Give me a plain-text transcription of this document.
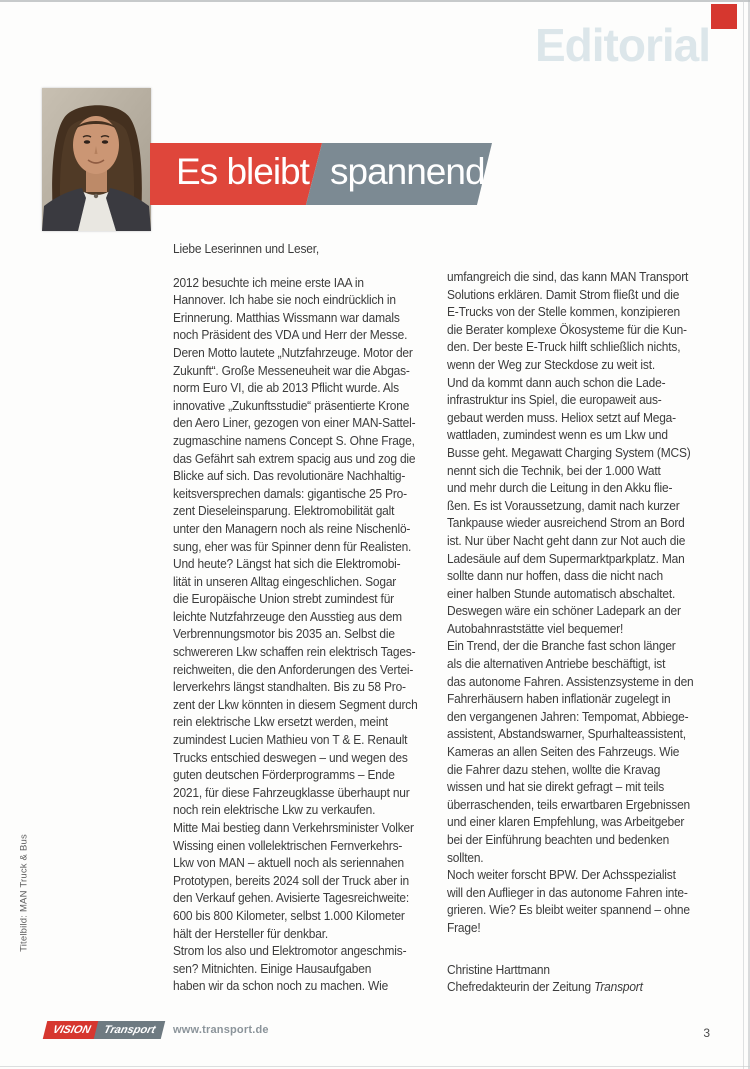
Editorial
Es bleibt spannend
Liebe Leserinnen und Leser,
2012 besuchte ich meine erste IAA in
Hannover. Ich habe sie noch eindrücklich in
Erinnerung. Matthias Wissmann war damals
noch Präsident des VDA und Herr der Messe.
Deren Motto lautete „Nutzfahrzeuge. Motor der
Zukunft“. Große Messeneuheit war die Abgas-
norm Euro VI, die ab 2013 Pflicht wurde. Als
innovative „Zukunftsstudie“ präsentierte Krone
den Aero Liner, gezogen von einer MAN-Sattel-
zugmaschine namens Concept S. Ohne Frage,
das Gefährt sah extrem spacig aus und zog die
Blicke auf sich. Das revolutionäre Nachhaltig-
keitsversprechen damals: gigantische 25 Pro-
zent Dieseleinsparung. Elektromobilität galt
unter den Managern noch als reine Nischenlö-
sung, eher was für Spinner denn für Realisten.
Und heute? Längst hat sich die Elektromobi-
lität in unseren Alltag eingeschlichen. Sogar
die Europäische Union strebt zumindest für
leichte Nutzfahrzeuge den Ausstieg aus dem
Verbrennungsmotor bis 2035 an. Selbst die
schwereren Lkw schaffen rein elektrisch Tages-
reichweiten, die den Anforderungen des Vertei-
lerverkehrs längst standhalten. Bis zu 58 Pro-
zent der Lkw könnten in diesem Segment durch
rein elektrische Lkw ersetzt werden, meint
zumindest Lucien Mathieu von T & E. Renault
Trucks entschied deswegen – und wegen des
guten deutschen Förderprogramms – Ende
2021, für diese Fahrzeugklasse überhaupt nur
noch rein elektrische Lkw zu verkaufen.
Mitte Mai bestieg dann Verkehrsminister Volker
Wissing einen vollelektrischen Fernverkehrs-
Lkw von MAN – aktuell noch als seriennahen
Prototypen, bereits 2024 soll der Truck aber in
den Verkauf gehen. Avisierte Tagesreichweite:
600 bis 800 Kilometer, selbst 1.000 Kilometer
hält der Hersteller für denkbar.
Strom los also und Elektromotor angeschmis-
sen? Mitnichten. Einige Hausaufgaben
haben wir da schon noch zu machen. Wie
umfangreich die sind, das kann MAN Transport
Solutions erklären. Damit Strom fließt und die
E-Trucks von der Stelle kommen, konzipieren
die Berater komplexe Ökosysteme für die Kun-
den. Der beste E-Truck hilft schließlich nichts,
wenn der Weg zur Steckdose zu weit ist.
Und da kommt dann auch schon die Lade-
infrastruktur ins Spiel, die europaweit aus-
gebaut werden muss. Heliox setzt auf Mega-
wattladen, zumindest wenn es um Lkw und
Busse geht. Megawatt Charging System (MCS)
nennt sich die Technik, bei der 1.000 Watt
und mehr durch die Leitung in den Akku flie-
ßen. Es ist Voraussetzung, damit nach kurzer
Tankpause wieder ausreichend Strom an Bord
ist. Nur über Nacht geht dann zur Not auch die
Ladesäule auf dem Supermarktparkplatz. Man
sollte dann nur hoffen, dass die nicht nach
einer halben Stunde automatisch abschaltet.
Deswegen wäre ein schöner Ladepark an der
Autobahnraststätte viel bequemer!
Ein Trend, der die Branche fast schon länger
als die alternativen Antriebe beschäftigt, ist
das autonome Fahren. Assistenzsysteme in den
Fahrerhäusern haben inflationär zugelegt in
den vergangenen Jahren: Tempomat, Abbiege-
assistent, Abstandswarner, Spurhalteassistent,
Kameras an allen Seiten des Fahrzeugs. Wie
die Fahrer dazu stehen, wollte die Kravag
wissen und hat sie direkt gefragt – mit teils
überraschenden, teils erwartbaren Ergebnissen
und einer klaren Empfehlung, was Arbeitgeber
bei der Einführung beachten und bedenken
sollten.
Noch weiter forscht BPW. Der Achsspezialist
will den Auflieger in das autonome Fahren inte-
grieren. Wie? Es bleibt weiter spannend – ohne
Frage!
Christine Harttmann
Chefredakteurin der Zeitung Transport
Titelbild: MAN Truck & Bus
VISION Transport www.transport.de	3
